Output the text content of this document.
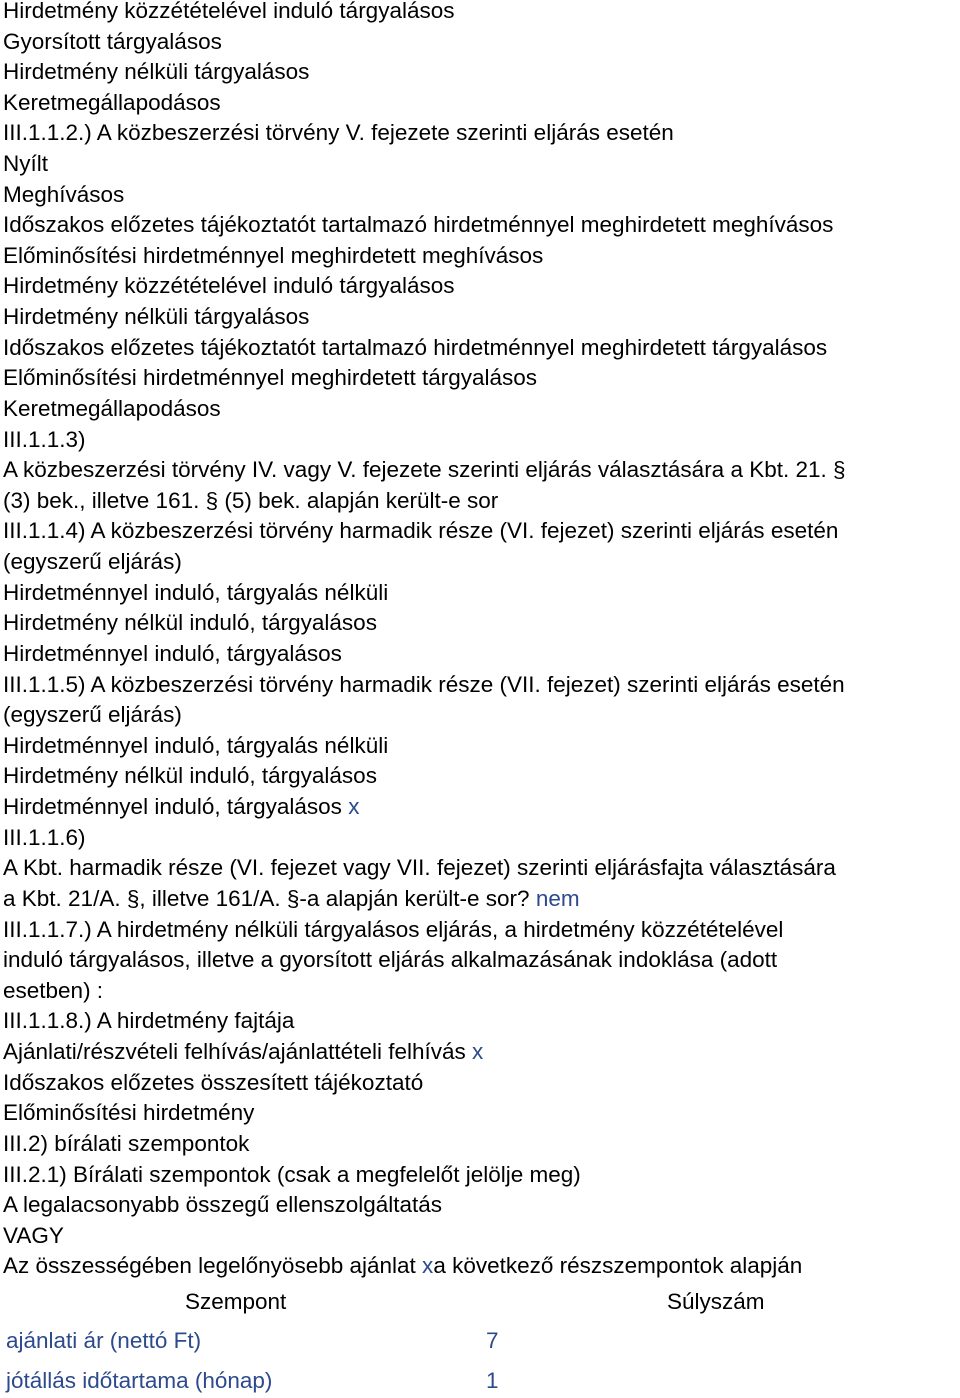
Hirdetmény közzétételével induló tárgyalásos
Gyorsított tárgyalásos
Hirdetmény nélküli tárgyalásos
Keretmegállapodásos
III.1.1.2.) A közbeszerzési törvény V. fejezete szerinti eljárás esetén
Nyílt
Meghívásos
Időszakos előzetes tájékoztatót tartalmazó hirdetménnyel meghirdetett meghívásos
Előminősítési hirdetménnyel meghirdetett meghívásos
Hirdetmény közzétételével induló tárgyalásos
Hirdetmény nélküli tárgyalásos
Időszakos előzetes tájékoztatót tartalmazó hirdetménnyel meghirdetett tárgyalásos
Előminősítési hirdetménnyel meghirdetett tárgyalásos
Keretmegállapodásos
III.1.1.3)
A közbeszerzési törvény IV. vagy V. fejezete szerinti eljárás választására a Kbt. 21. §
(3) bek., illetve 161. § (5) bek. alapján került-e sor
III.1.1.4) A közbeszerzési törvény harmadik része (VI. fejezet) szerinti eljárás esetén
(egyszerű eljárás)
Hirdetménnyel induló, tárgyalás nélküli
Hirdetmény nélkül induló, tárgyalásos
Hirdetménnyel induló, tárgyalásos
III.1.1.5) A közbeszerzési törvény harmadik része (VII. fejezet) szerinti eljárás esetén
(egyszerű eljárás)
Hirdetménnyel induló, tárgyalás nélküli
Hirdetmény nélkül induló, tárgyalásos
Hirdetménnyel induló, tárgyalásos x
III.1.1.6)
A Kbt. harmadik része (VI. fejezet vagy VII. fejezet) szerinti eljárásfajta választására
a Kbt. 21/A. §, illetve 161/A. §-a alapján került-e sor? nem
III.1.1.7.) A hirdetmény nélküli tárgyalásos eljárás, a hirdetmény közzétételével
induló tárgyalásos, illetve a gyorsított eljárás alkalmazásának indoklása (adott
esetben) :
III.1.1.8.) A hirdetmény fajtája
Ajánlati/részvételi felhívás/ajánlattételi felhívás x
Időszakos előzetes összesített tájékoztató
Előminősítési hirdetmény
III.2) bírálati szempontok
III.2.1) Bírálati szempontok (csak a megfelelőt jelölje meg)
A legalacsonyabb összegű ellenszolgáltatás
VAGY
Az összességében legelőnyösebb ajánlat xa következő részszempontok alapján
Szempont	Súlyszám
ajánlati ár (nettó Ft)	7
jótállás időtartama (hónap)	1
